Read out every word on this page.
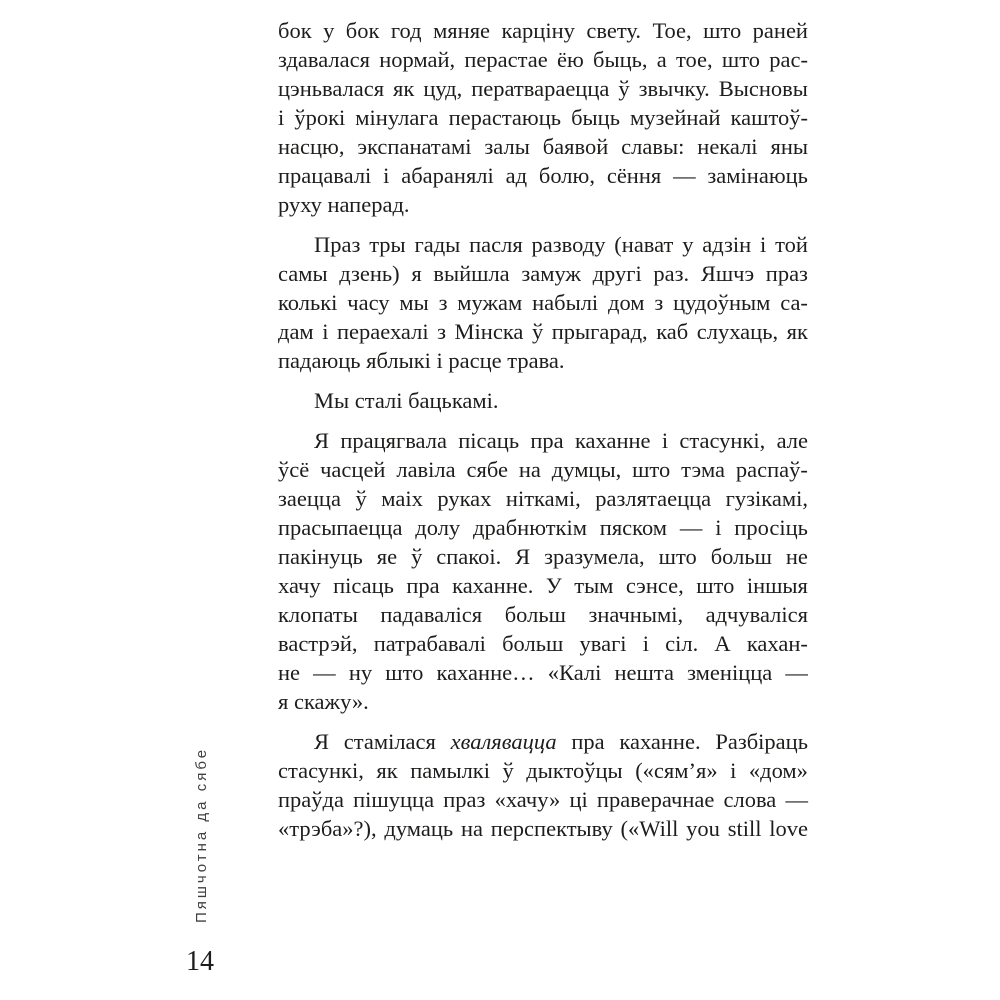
бок у бок год мяняе карціну свету. Тое, што раней
здавалася нормай, перастае ёю быць, а тое, што рас-
цэньвалася як цуд, ператвараецца ў звычку. Высновы
і ўрокі мінулага перастаюць быць музейнай каштоў-
насцю, экспанатамі залы баявой славы: некалі яны
працавалі і абаранялі ад болю, сёння — замінаюць
руху наперад.
Праз тры гады пасля разводу (нават у адзін і той
самы дзень) я выйшла замуж другі раз. Яшчэ праз
колькі часу мы з мужам набылі дом з цудоўным са-
дам і пераехалі з Мінска ў прыгарад, каб слухаць, як
падаюць яблыкі і расце трава.
Мы сталі бацькамі.
Я працягвала пісаць пра каханне і стасункі, але
ўсё часцей лавіла сябе на думцы, што тэма распаў-
заецца ў маіх руках ніткамі, разлятаецца гузікамі,
прасыпаецца долу драбнюткім пяском — і просіць
пакінуць яе ў спакоі. Я зразумела, што больш не
хачу пісаць пра каханне. У тым сэнсе, што іншыя
клопаты падаваліся больш значнымі, адчуваліся
вастрэй, патрабавалі больш увагі і сіл. А кахан-
не — ну што каханне… «Калі нешта зменіцца —
я скажу».
Я стамілася хвалявацца пра каханне. Разбіраць
стасункі, як памылкі ў дыктоўцы («сям’я» і «дом»
праўда пішуцца праз «хачу» ці праверачнае слова —
«трэба»?), думаць на перспектыву («Will you still love
Пяшчотна да сябе
14
